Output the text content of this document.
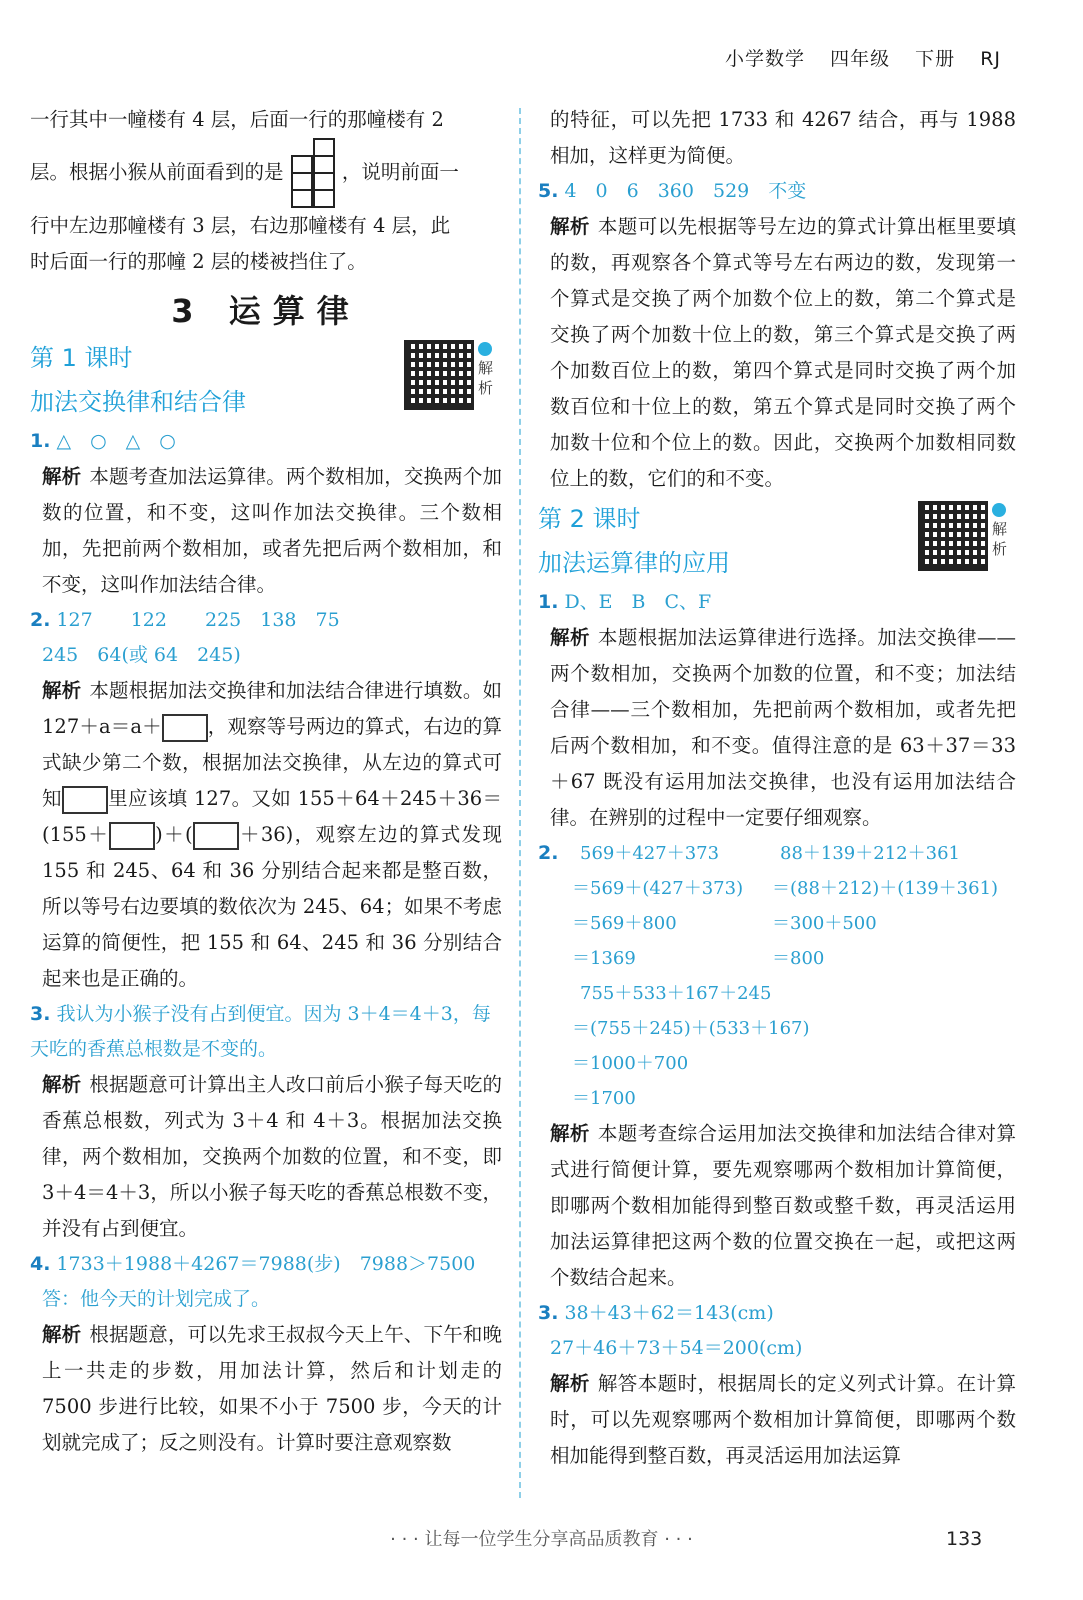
小学数学 四年级 下册 RJ

一行其中一幢楼有 4 层，后面一行的那幢楼有 2

层。根据小猴从前面看到的是	，说明前面一

行中左边那幢楼有 3 层，右边那幢楼有 4 层，此

时后面一行的那幢 2 层的楼被挡住了。

3 运算律

第 1 课时

加法交换律和结合律

解析

1. △　○　△　○

解析 本题考查加法运算律。两个数相加，交换两个加数的位置，和不变，这叫作加法交换律。三个数相加，先把前两个数相加，或者先把后两个数相加，和不变，这叫作加法结合律。

2. 127　　122　　225　138　75

245　64(或 64　245)

解析 本题根据加法交换律和加法结合律进行填数。如 127＋a＝a＋ ，观察等号两边的算式，右边的算式缺少第二个数，根据加法交换律，从左边的算式可知 里应该填 127。又如 155＋64＋245＋36＝(155＋ )＋( ＋36)，观察左边的算式发现 155 和 245、64 和 36 分别结合起来都是整百数，所以等号右边要填的数依次为 245、64；如果不考虑运算的简便性，把 155 和 64、245 和 36 分别结合起来也是正确的。

3. 我认为小猴子没有占到便宜。因为 3＋4＝4＋3，每天吃的香蕉总根数是不变的。

解析 根据题意可计算出主人改口前后小猴子每天吃的香蕉总根数，列式为 3＋4 和 4＋3。根据加法交换律，两个数相加，交换两个加数的位置，和不变，即 3＋4＝4＋3，所以小猴子每天吃的香蕉总根数不变，并没有占到便宜。

4. 1733＋1988＋4267＝7988(步)　7988＞7500

答：他今天的计划完成了。

解析 根据题意，可以先求王叔叔今天上午、下午和晚上一共走的步数，用加法计算，然后和计划走的 7500 步进行比较，如果不小于 7500 步，今天的计划就完成了；反之则没有。计算时要注意观察数

的特征，可以先把 1733 和 4267 结合，再与 1988 相加，这样更为简便。

5. 4　0　6　360　529　不变

解析 本题可以先根据等号左边的算式计算出框里要填的数，再观察各个算式等号左右两边的数，发现第一个算式是交换了两个加数个位上的数，第二个算式是交换了两个加数十位上的数，第三个算式是交换了两个加数百位上的数，第四个算式是同时交换了两个加数百位和十位上的数，第五个算式是同时交换了两个加数十位和个位上的数。因此，交换两个加数相同数位上的数，它们的和不变。

第 2 课时

加法运算律的应用

解析

1. D、E　B　C、F

解析 本题根据加法运算律进行选择。加法交换律——两个数相加，交换两个加数的位置，和不变；加法结合律——三个数相加，先把前两个数相加，或者先把后两个数相加，和不变。值得注意的是 63＋37＝33＋67 既没有运用加法交换律，也没有运用加法结合律。在辨别的过程中一定要仔细观察。

2.	569＋427＋373

＝569＋(427＋373)

＝569＋800

＝1369

88＋139＋212＋361

＝(88＋212)＋(139＋361)

＝300＋500

＝800

755＋533＋167＋245

＝(755＋245)＋(533＋167)

＝1000＋700

＝1700

解析 本题考查综合运用加法交换律和加法结合律对算式进行简便计算，要先观察哪两个数相加计算简便，即哪两个数相加能得到整百数或整千数，再灵活运用加法运算律把这两个数的位置交换在一起，或把这两个数结合起来。

3. 38＋43＋62＝143(cm)

27＋46＋73＋54＝200(cm)

解析 解答本题时，根据周长的定义列式计算。在计算时，可以先观察哪两个数相加计算简便，即哪两个数相加能得到整百数，再灵活运用加法运算

· · · 让每一位学生分享高品质教育 · · ·	133
